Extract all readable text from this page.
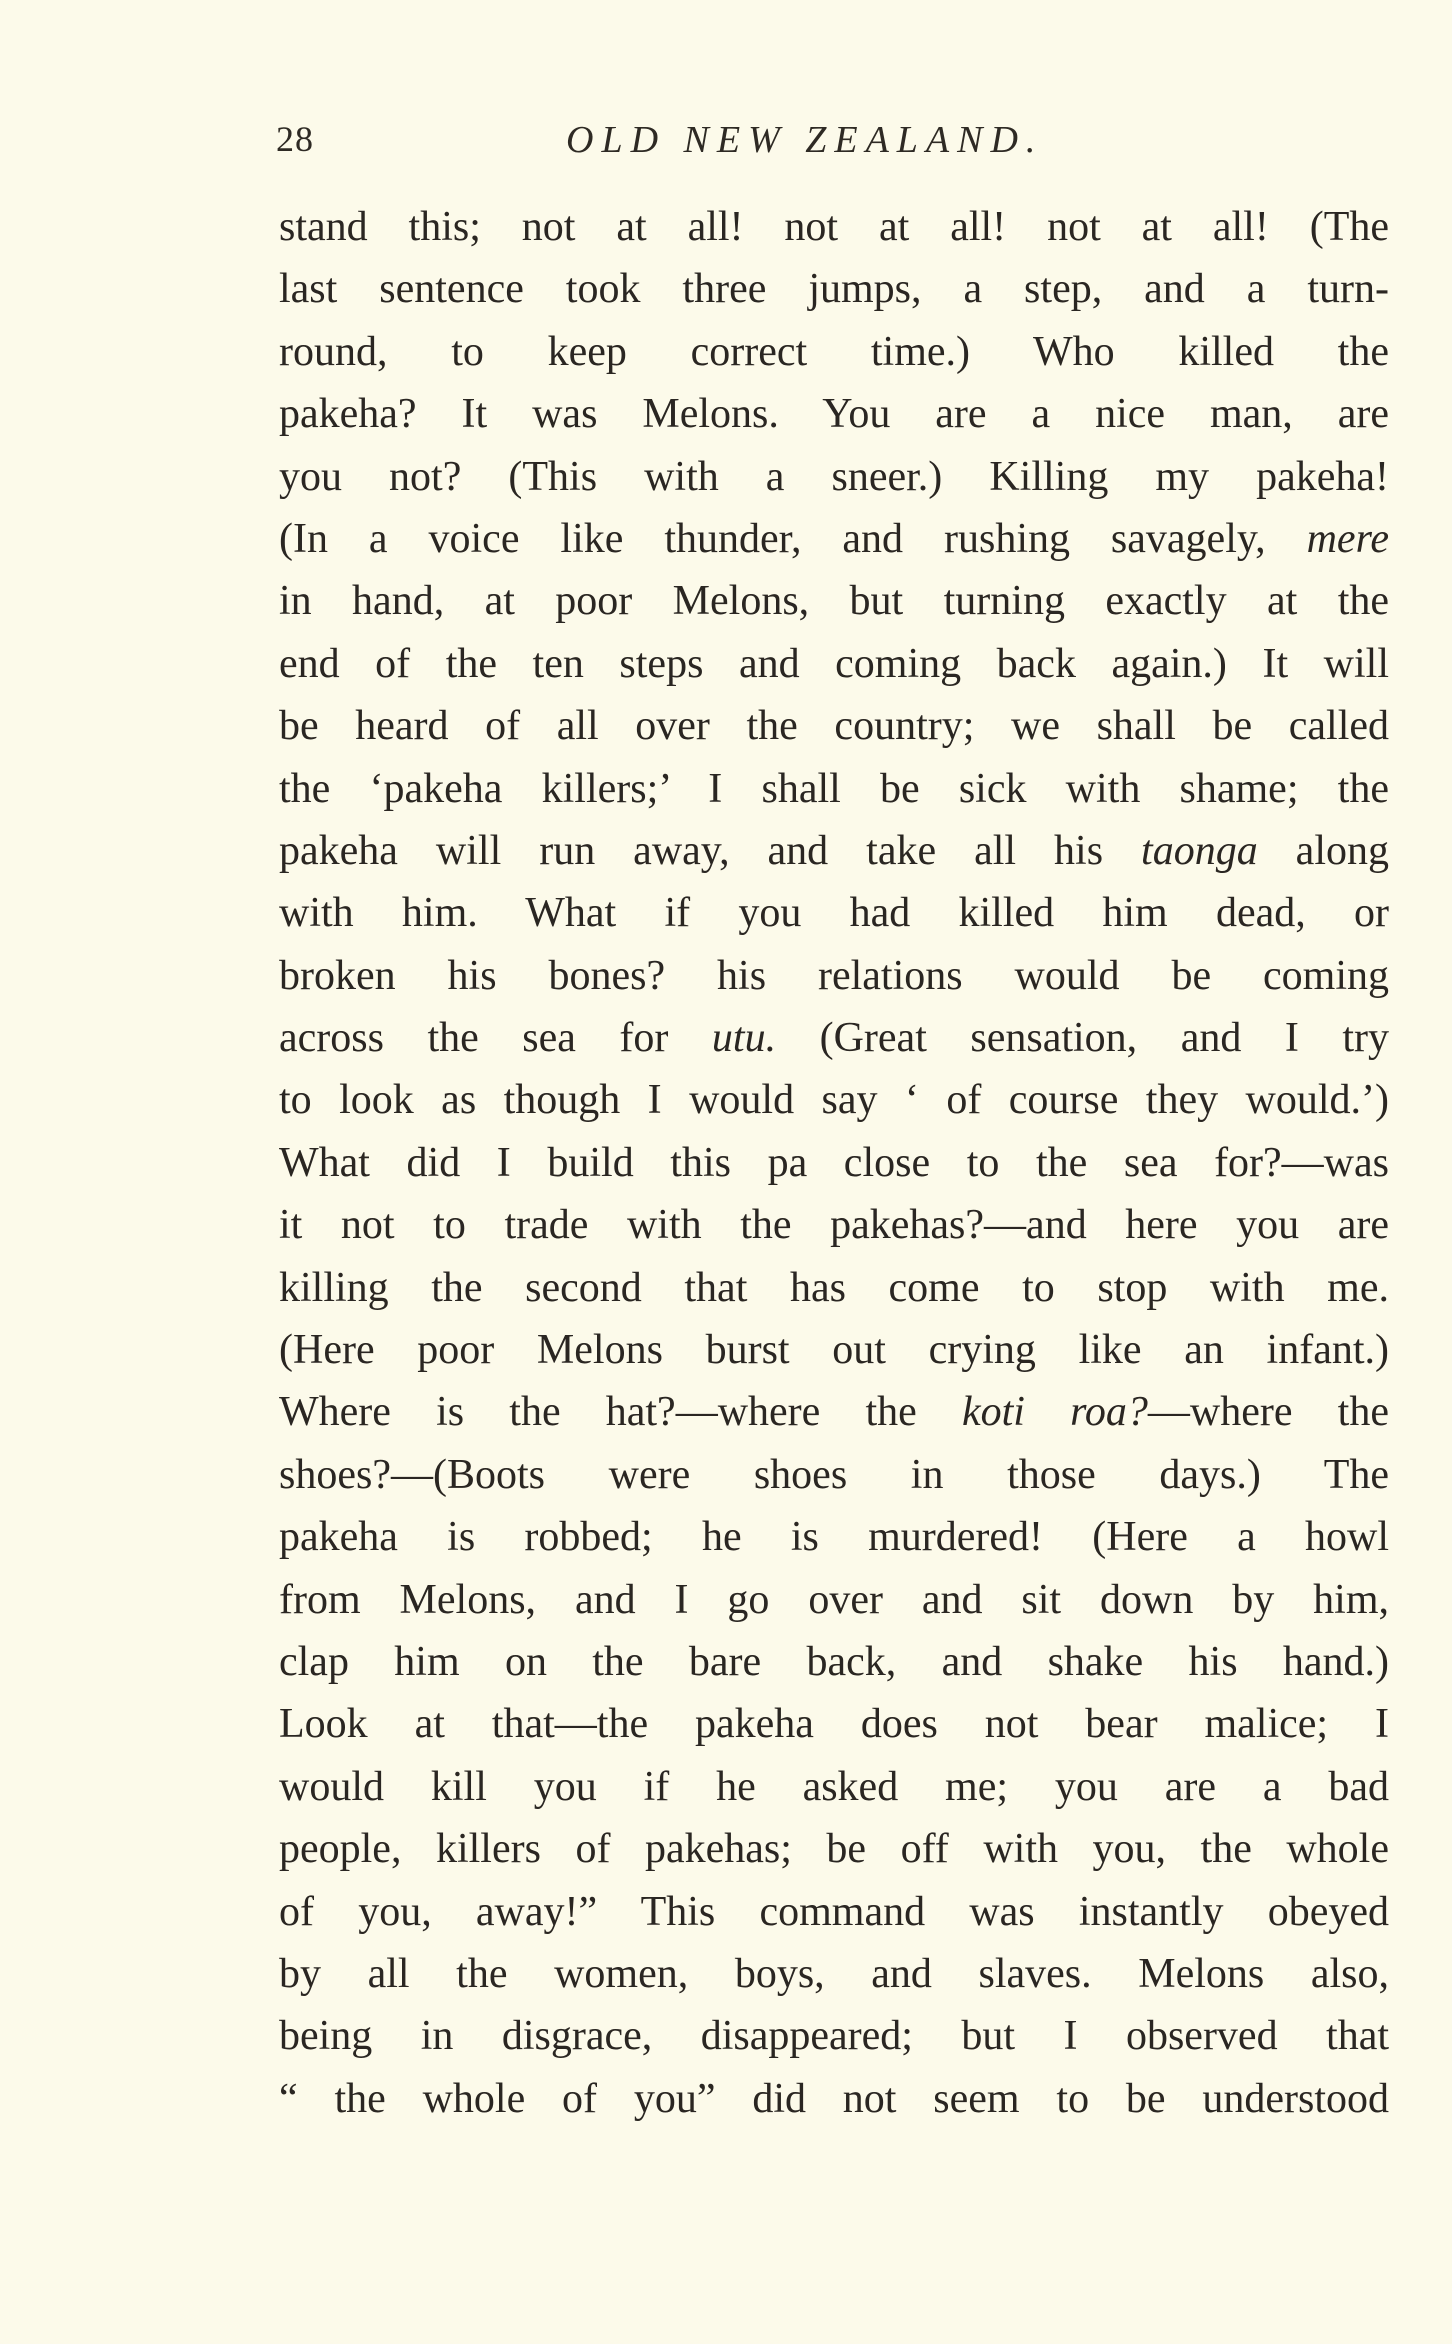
28	OLD NEW ZEALAND.
stand this; not at all! not at all! not at all! (The
last sentence took three jumps, a step, and a turn-
round, to keep correct time.) Who killed the
pakeha? It was Melons. You are a nice man, are
you not? (This with a sneer.) Killing my pakeha!
(In a voice like thunder, and rushing savagely, mere
in hand, at poor Melons, but turning exactly at the
end of the ten steps and coming back again.) It will
be heard of all over the country; we shall be called
the ‘pakeha killers;’ I shall be sick with shame; the
pakeha will run away, and take all his taonga along
with him. What if you had killed him dead, or
broken his bones? his relations would be coming
across the sea for utu. (Great sensation, and I try
to look as though I would say ‘ of course they would.’)
What did I build this pa close to the sea for?—was
it not to trade with the pakehas?—and here you are
killing the second that has come to stop with me.
(Here poor Melons burst out crying like an infant.)
Where is the hat?—where the koti roa?—where the
shoes?—(Boots were shoes in those days.) The
pakeha is robbed; he is murdered! (Here a howl
from Melons, and I go over and sit down by him,
clap him on the bare back, and shake his hand.)
Look at that—the pakeha does not bear malice; I
would kill you if he asked me; you are a bad
people, killers of pakehas; be off with you, the whole
of you, away!” This command was instantly obeyed
by all the women, boys, and slaves. Melons also,
being in disgrace, disappeared; but I observed that
“ the whole of you” did not seem to be understood
